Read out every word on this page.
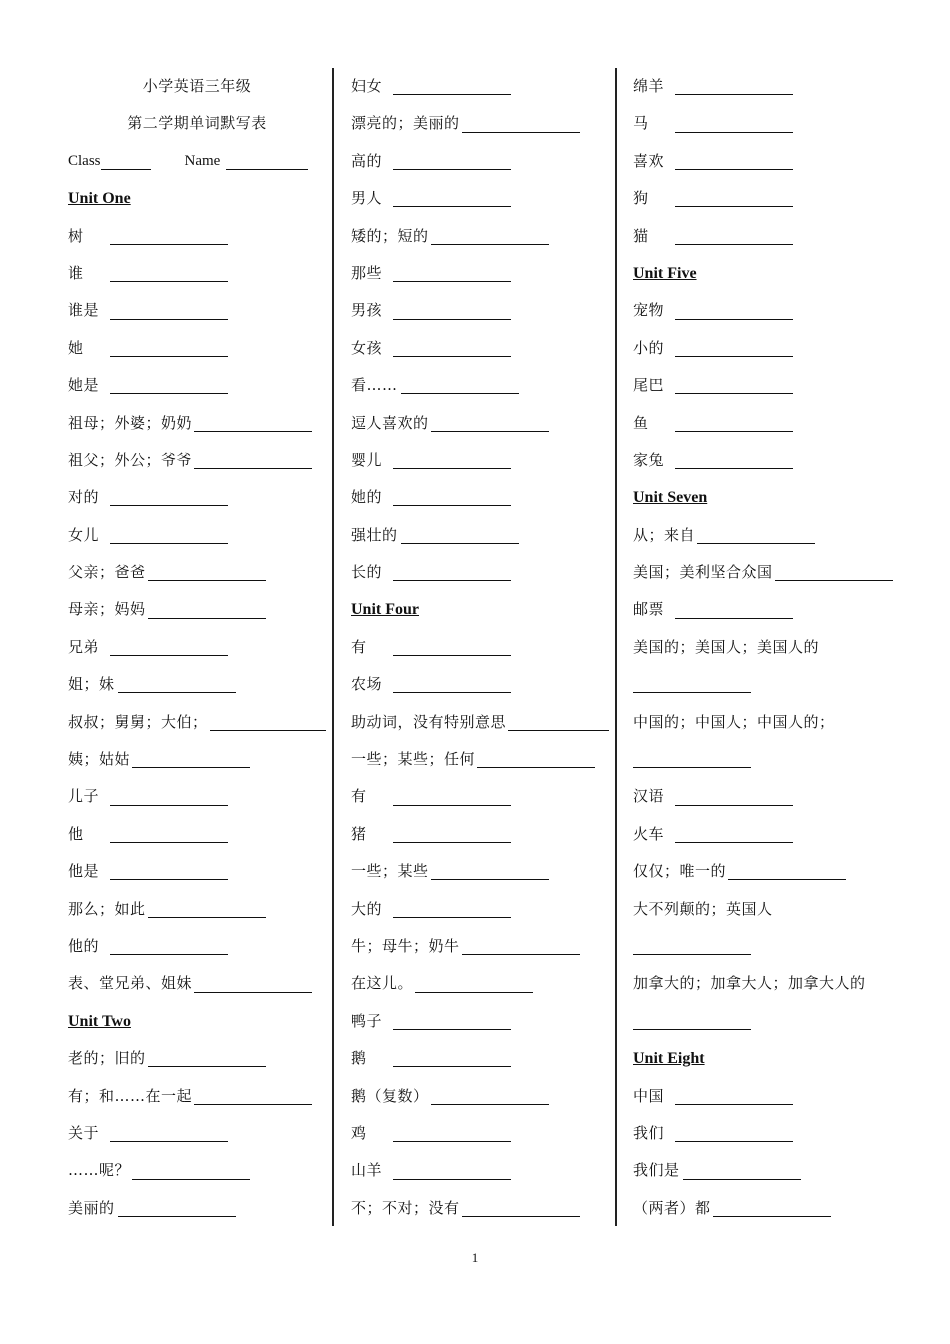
小学英语三年级
第二学期单词默写表
Class	Name
Unit One
树
谁
谁是
她
她是
祖母；外婆；奶奶
祖父；外公；爷爷
对的
女儿
父亲；爸爸
母亲；妈妈
兄弟
姐；妹
叔叔；舅舅；大伯；
姨；姑姑
儿子
他
他是
那么；如此
他的
表、堂兄弟、姐妹
Unit Two
老的；旧的
有；和……在一起
关于
……呢？
美丽的
妇女
漂亮的；美丽的
高的
男人
矮的；短的
那些
男孩
女孩
看……
逗人喜欢的
婴儿
她的
强壮的
长的
Unit Four
有
农场
助动词，没有特别意思
一些；某些；任何
有
猪
一些；某些
大的
牛；母牛；奶牛
在这儿。
鸭子
鹅
鹅（复数）
鸡
山羊
不；不对；没有
绵羊
马
喜欢
狗
猫
Unit Five
宠物
小的
尾巴
鱼
家兔
Unit Seven
从；来自
美国；美利坚合众国
邮票
美国的；美国人；美国人的
中国的；中国人；中国人的；
汉语
火车
仅仅；唯一的
大不列颠的；英国人
加拿大的；加拿大人；加拿大人的
Unit Eight
中国
我们
我们是
（两者）都
1
